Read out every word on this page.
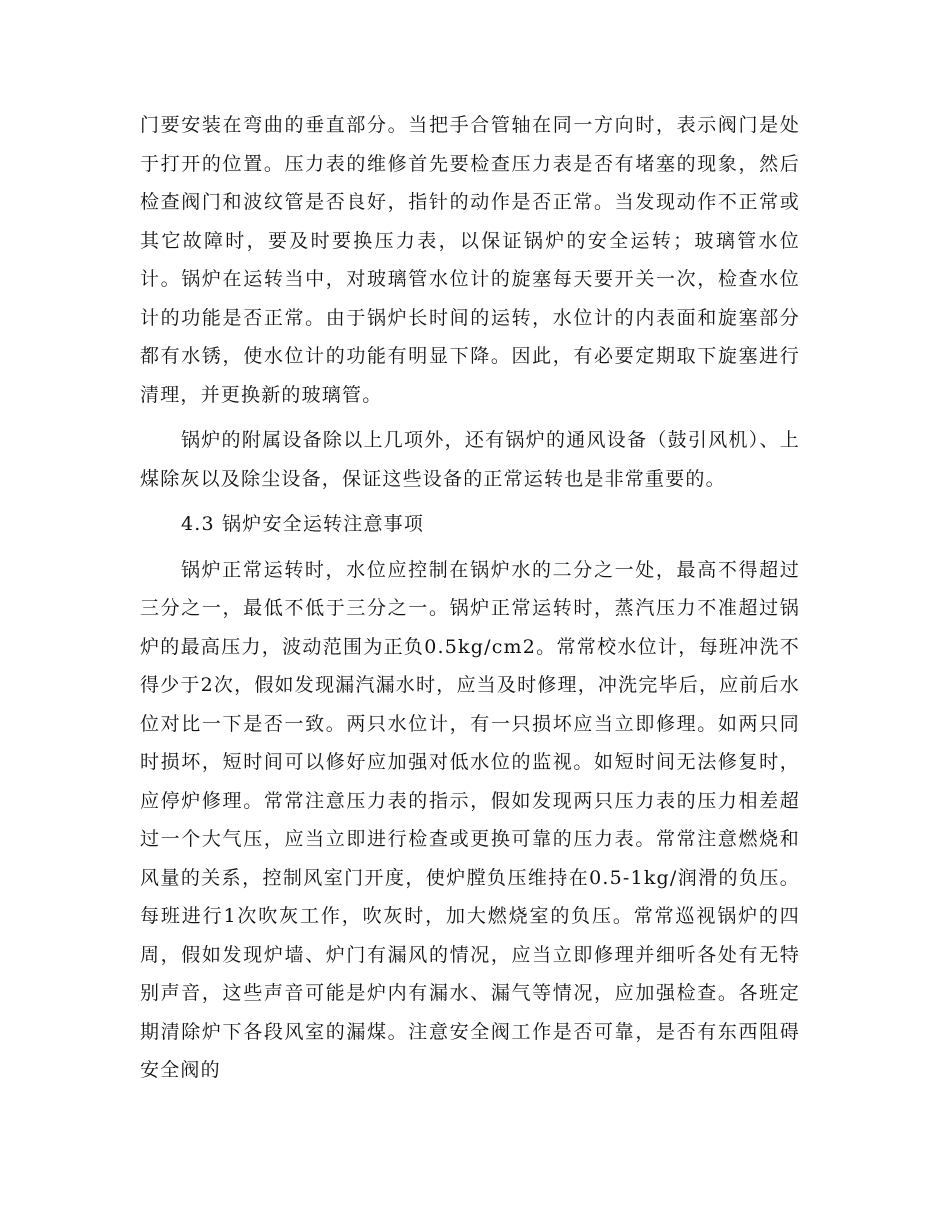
门要安装在弯曲的垂直部分。当把手合管轴在同一方向时，表示阀门是处于打开的位置。压力表的维修首先要检查压力表是否有堵塞的现象，然后检查阀门和波纹管是否良好，指针的动作是否正常。当发现动作不正常或其它故障时，要及时要换压力表，以保证锅炉的安全运转；玻璃管水位计。锅炉在运转当中，对玻璃管水位计的旋塞每天要开关一次，检查水位计的功能是否正常。由于锅炉长时间的运转，水位计的内表面和旋塞部分都有水锈，使水位计的功能有明显下降。因此，有必要定期取下旋塞进行清理，并更换新的玻璃管。

锅炉的附属设备除以上几项外，还有锅炉的通风设备（鼓引风机）、上煤除灰以及除尘设备，保证这些设备的正常运转也是非常重要的。

4.3 锅炉安全运转注意事项

锅炉正常运转时，水位应控制在锅炉水的二分之一处，最高不得超过三分之一，最低不低于三分之一。锅炉正常运转时，蒸汽压力不准超过锅炉的最高压力，波动范围为正负0.5kg/cm2。常常校水位计，每班冲洗不得少于2次，假如发现漏汽漏水时，应当及时修理，冲洗完毕后，应前后水位对比一下是否一致。两只水位计，有一只损坏应当立即修理。如两只同时损坏，短时间可以修好应加强对低水位的监视。如短时间无法修复时，应停炉修理。常常注意压力表的指示，假如发现两只压力表的压力相差超过一个大气压，应当立即进行检查或更换可靠的压力表。常常注意燃烧和风量的关系，控制风室门开度，使炉膛负压维持在0.5-1kg/润滑的负压。每班进行1次吹灰工作，吹灰时，加大燃烧室的负压。常常巡视锅炉的四周，假如发现炉墙、炉门有漏风的情况，应当立即修理并细听各处有无特别声音，这些声音可能是炉内有漏水、漏气等情况，应加强检查。各班定期清除炉下各段风室的漏煤。注意安全阀工作是否可靠，是否有东西阻碍安全阀的
